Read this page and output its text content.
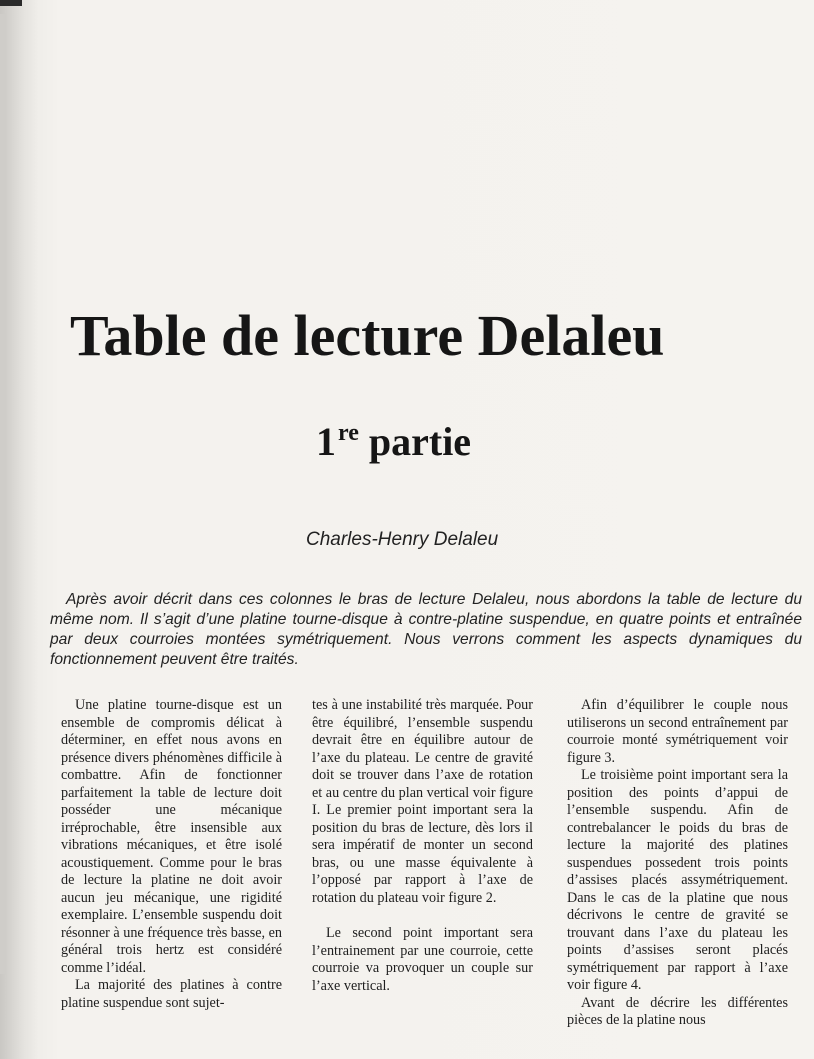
Table de lecture Delaleu
1re partie
Charles-Henry Delaleu

Après avoir décrit dans ces colonnes le bras de lecture Delaleu, nous abordons la table de lecture du même nom. Il s’agit d’une platine tourne-disque à contre-platine suspendue, en quatre points et entraînée par deux courroies montées symétriquement. Nous verrons comment les aspects dynamiques du fonctionnement peuvent être traités.

Une platine tourne-disque est un ensemble de compromis délicat à déterminer, en effet nous avons en présence divers phénomènes difficile à combattre. Afin de fonctionner parfaitement la table de lecture doit posséder une mécanique irréprochable, être insensible aux vibrations mécaniques, et être isolé acoustiquement. Comme pour le bras de lecture la platine ne doit avoir aucun jeu mécanique, une rigidité exemplaire. L’ensemble suspendu doit résonner à une fréquence très basse, en général trois hertz est considéré comme l’idéal.

La majorité des platines à contre platine suspendue sont sujet-

tes à une instabilité très marquée. Pour être équilibré, l’ensemble suspendu devrait être en équilibre autour de l’axe du plateau. Le centre de gravité doit se trouver dans l’axe de rotation et au centre du plan vertical voir figure I. Le premier point important sera la position du bras de lecture, dès lors il sera impératif de monter un second bras, ou une masse équivalente à l’opposé par rapport à l’axe de rotation du plateau voir figure 2.

Le second point important sera l’entrainement par une courroie, cette courroie va provoquer un couple sur l’axe vertical.

Afin d’équilibrer le couple nous utiliserons un second entraînement par courroie monté symétriquement voir figure 3.

Le troisième point important sera la position des points d’appui de l’ensemble suspendu. Afin de contrebalancer le poids du bras de lecture la majorité des platines suspendues possedent trois points d’assises placés assymétriquement. Dans le cas de la platine que nous décrivons le centre de gravité se trouvant dans l’axe du plateau les points d’assises seront placés symétriquement par rapport à l’axe voir figure 4.

Avant de décrire les différentes pièces de la platine nous
